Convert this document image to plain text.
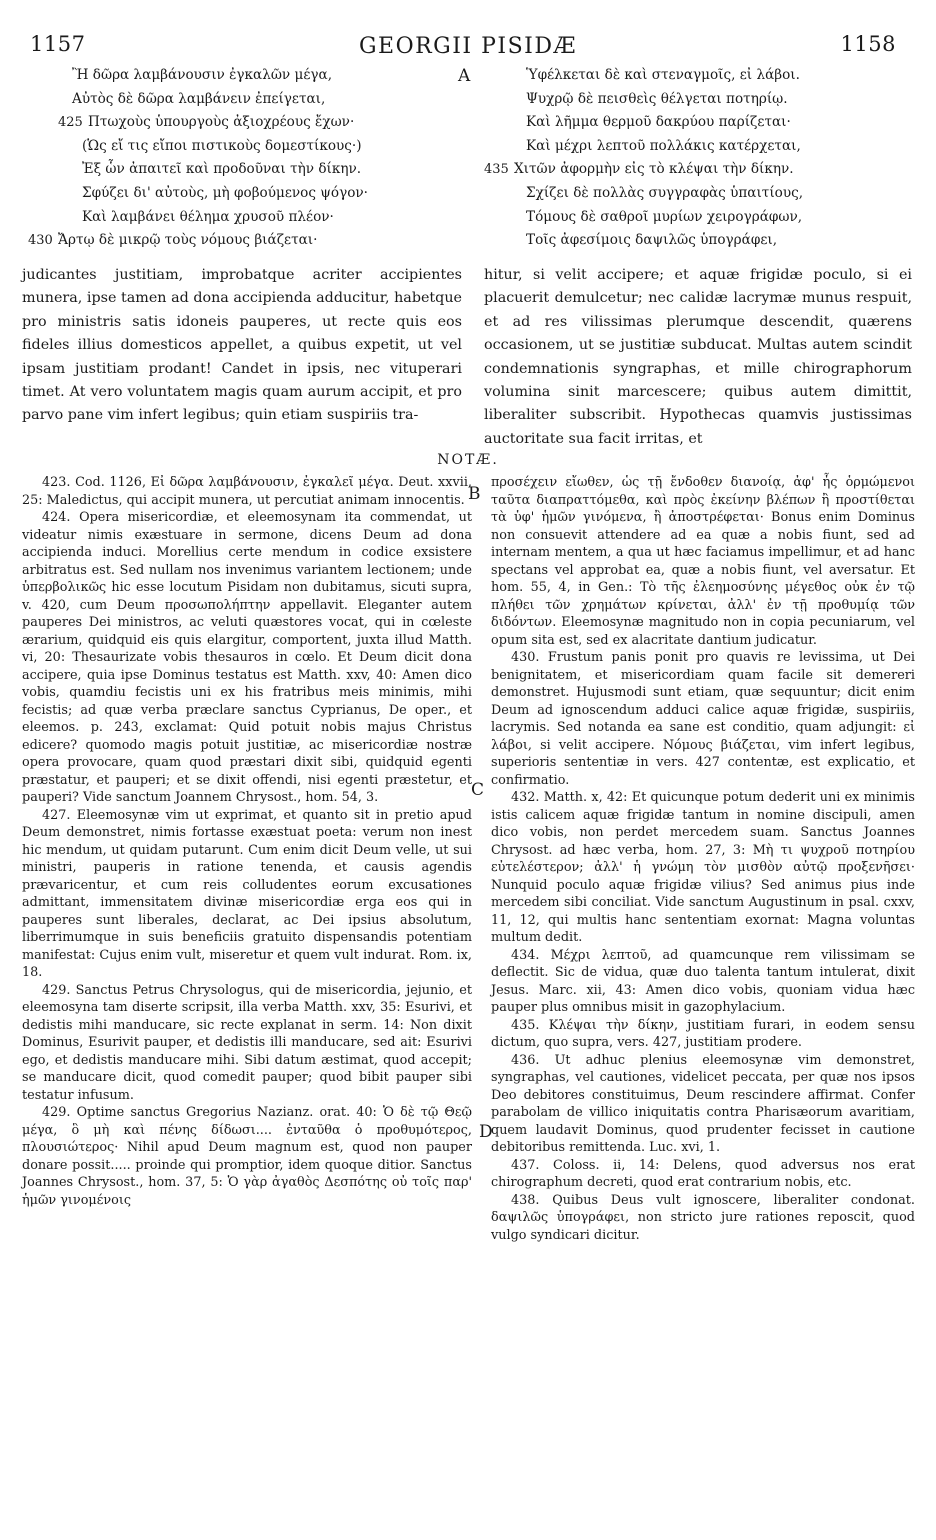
1157	GEORGII PISIDÆ	1158
A
B
C
D
Ἢ δῶρα λαμβάνουσιν ἐγκαλῶν μέγα,
Αὐτὸς δὲ δῶρα λαμβάνειν ἐπείγεται,
425 Πτωχοὺς ὑπουργοὺς ἀξιοχρέους ἔχων·
(Ὡς εἴ τις εἴποι πιστικοὺς δομεστίκους·)
Ἐξ ὧν ἀπαιτεῖ καὶ προδοῦναι τὴν δίκην.
Σφύζει δι' αὐτοὺς, μὴ φοβούμενος ψόγον·
Καὶ λαμβάνει θέλημα χρυσοῦ πλέον·
430 Ἄρτῳ δὲ μικρῷ τοὺς νόμους βιάζεται·
Ὑφέλκεται δὲ καὶ στεναγμοῖς, εἰ λάβοι.
Ψυχρῷ δὲ πεισθεὶς θέλγεται ποτηρίῳ.
Καὶ λῆμμα θερμοῦ δακρύου παρίζεται·
Καὶ μέχρι λεπτοῦ πολλάκις κατέρχεται,
435 Χιτῶν ἀφορμὴν εἰς τὸ κλέψαι τὴν δίκην.
Σχίζει δὲ πολλὰς συγγραφὰς ὑπαιτίους,
Τόμους δὲ σαθροῖ μυρίων χειρογράφων,
Τοῖς ἀφεσίμοις δαψιλῶς ὑπογράφει,
judicantes justitiam, improbatque acriter accipientes munera, ipse tamen ad dona accipienda adducitur, habetque pro ministris satis idoneis pauperes, ut recte quis eos fideles illius domesticos appellet, a quibus expetit, ut vel ipsam justitiam prodant! Candet in ipsis, nec vituperari timet. At vero voluntatem magis quam aurum accipit, et pro parvo pane vim infert legibus; quin etiam suspiriis tra-
hitur, si velit accipere; et aquæ frigidæ poculo, si ei placuerit demulcetur; nec calidæ lacrymæ munus respuit, et ad res vilissimas plerumque descendit, quærens occasionem, ut se justitiæ subducat. Multas autem scindit condemnationis syngraphas, et mille chirographorum volumina sinit marcescere; quibus autem dimittit, liberaliter subscribit. Hypothecas quamvis justissimas auctoritate sua facit irritas, et
NOTÆ.

423. Cod. 1126, Εἰ δῶρα λαμβάνουσιν, ἐγκαλεῖ μέγα. Deut. xxvii, 25: Maledictus, qui accipit munera, ut percutiat animam innocentis.

424. Opera misericordiæ, et eleemosynam ita commendat, ut videatur nimis exæstuare in sermone, dicens Deum ad dona accipienda induci. Morellius certe mendum in codice exsistere arbitratus est. Sed nullam nos invenimus variantem lectionem; unde ὑπερβολικῶς hic esse locutum Pisidam non dubitamus, sicuti supra, v. 420, cum Deum προσωπολήπτην appellavit. Eleganter autem pauperes Dei ministros, ac veluti quæstores vocat, qui in cœleste ærarium, quidquid eis quis elargitur, comportent, juxta illud Matth. vi, 20: Thesaurizate vobis thesauros in cœlo. Et Deum dicit dona accipere, quia ipse Dominus testatus est Matth. xxv, 40: Amen dico vobis, quamdiu fecistis uni ex his fratribus meis minimis, mihi fecistis; ad quæ verba præclare sanctus Cyprianus, De oper., et eleemos. p. 243, exclamat: Quid potuit nobis majus Christus edicere? quomodo magis potuit justitiæ, ac misericordiæ nostræ opera provocare, quam quod præstari dixit sibi, quidquid egenti præstatur, et pauperi; et se dixit offendi, nisi egenti præstetur, et pauperi? Vide sanctum Joannem Chrysost., hom. 54, 3.

427. Eleemosynæ vim ut exprimat, et quanto sit in pretio apud Deum demonstret, nimis fortasse exæstuat poeta: verum non inest hic mendum, ut quidam putarunt. Cum enim dicit Deum velle, ut sui ministri, pauperis in ratione tenenda, et causis agendis prævaricentur, et cum reis colludentes eorum excusationes admittant, immensitatem divinæ misericordiæ erga eos qui in pauperes sunt liberales, declarat, ac Dei ipsius absolutum, liberrimumque in suis beneficiis gratuito dispensandis potentiam manifestat: Cujus enim vult, miseretur et quem vult indurat. Rom. ix, 18.

429. Sanctus Petrus Chrysologus, qui de misericordia, jejunio, et eleemosyna tam diserte scripsit, illa verba Matth. xxv, 35: Esurivi, et dedistis mihi manducare, sic recte explanat in serm. 14: Non dixit Dominus, Esurivit pauper, et dedistis illi manducare, sed ait: Esurivi ego, et dedistis manducare mihi. Sibi datum æstimat, quod accepit; se manducare dicit, quod comedit pauper; quod bibit pauper sibi testatur infusum.

429. Optime sanctus Gregorius Nazianz. orat. 40: Ὁ δὲ τῷ Θεῷ μέγα, ὃ μὴ καὶ πένης δίδωσι.... ἐνταῦθα ὁ προθυμότερος, πλουσιώτερος· Nihil apud Deum magnum est, quod non pauper donare possit..... proinde qui promptior, idem quoque ditior. Sanctus Joannes Chrysost., hom. 37, 5: Ὁ γὰρ ἀγαθὸς Δεσπότης οὐ τοῖς παρ' ἡμῶν γινομένοις

προσέχειν εἴωθεν, ὡς τῇ ἔνδοθεν διανοίᾳ, ἀφ' ἧς ὁρμώμενοι ταῦτα διαπραττόμεθα, καὶ πρὸς ἐκείνην βλέπων ἢ προστίθεται τὰ ὑφ' ἡμῶν γινόμενα, ἢ ἀποστρέφεται· Bonus enim Dominus non consuevit attendere ad ea quæ a nobis fiunt, sed ad internam mentem, a qua ut hæc faciamus impellimur, et ad hanc spectans vel approbat ea, quæ a nobis fiunt, vel aversatur. Et hom. 55, 4, in Gen.: Τὸ τῆς ἐλεημοσύνης μέγεθος οὐκ ἐν τῷ πλήθει τῶν χρημάτων κρίνεται, ἀλλ' ἐν τῇ προθυμίᾳ τῶν διδόντων. Eleemosynæ magnitudo non in copia pecuniarum, vel opum sita est, sed ex alacritate dantium judicatur.

430. Frustum panis ponit pro quavis re levissima, ut Dei benignitatem, et misericordiam quam facile sit demereri demonstret. Hujusmodi sunt etiam, quæ sequuntur; dicit enim Deum ad ignoscendum adduci calice aquæ frigidæ, suspiriis, lacrymis. Sed notanda ea sane est conditio, quam adjungit: εἰ λάβοι, si velit accipere. Νόμους βιάζεται, vim infert legibus, superioris sententiæ in vers. 427 contentæ, est explicatio, et confirmatio.

432. Matth. x, 42: Et quicunque potum dederit uni ex minimis istis calicem aquæ frigidæ tantum in nomine discipuli, amen dico vobis, non perdet mercedem suam. Sanctus Joannes Chrysost. ad hæc verba, hom. 27, 3: Μὴ τι ψυχροῦ ποτηρίου εὐτελέστερον; ἀλλ' ἡ γνώμη τὸν μισθὸν αὐτῷ προξενῆσει· Nunquid poculo aquæ frigidæ vilius? Sed animus pius inde mercedem sibi conciliat. Vide sanctum Augustinum in psal. cxxv, 11, 12, qui multis hanc sententiam exornat: Magna voluntas multum dedit.

434. Μέχρι λεπτοῦ, ad quamcunque rem vilissimam se deflectit. Sic de vidua, quæ duo talenta tantum intulerat, dixit Jesus. Marc. xii, 43: Amen dico vobis, quoniam vidua hæc pauper plus omnibus misit in gazophylacium.

435. Κλέψαι τὴν δίκην, justitiam furari, in eodem sensu dictum, quo supra, vers. 427, justitiam prodere.

436. Ut adhuc plenius eleemosynæ vim demonstret, syngraphas, vel cautiones, videlicet peccata, per quæ nos ipsos Deo debitores constituimus, Deum rescindere affirmat. Confer parabolam de villico iniquitatis contra Pharisæorum avaritiam, quem laudavit Dominus, quod prudenter fecisset in cautione debitoribus remittenda. Luc. xvi, 1.

437. Coloss. ii, 14: Delens, quod adversus nos erat chirographum decreti, quod erat contrarium nobis, etc.

438. Quibus Deus vult ignoscere, liberaliter condonat. δαψιλῶς ὑπογράφει, non stricto jure rationes reposcit, quod vulgo syndicari dicitur.
